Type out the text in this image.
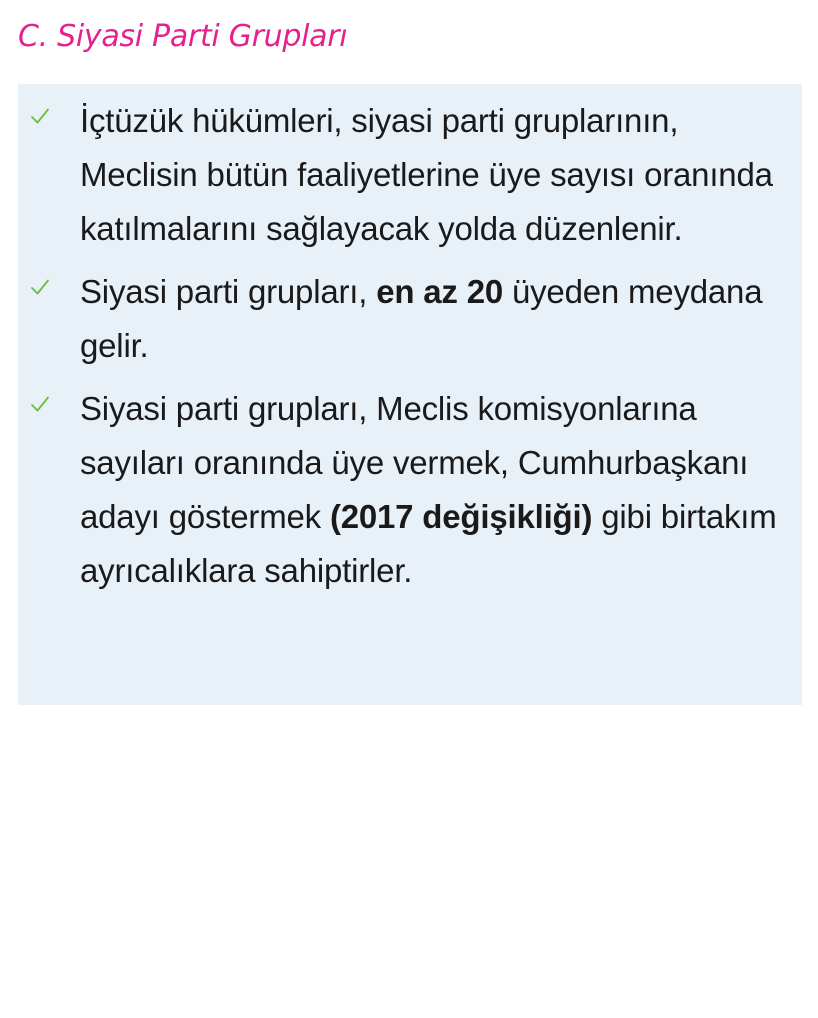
C. Siyasi Parti Grupları

İçtüzük hükümleri, siyasi parti gruplarının, Meclisin bütün faaliyetlerine üye sayısı oranında katılmalarını sağlayacak yolda düzenlenir.

Siyasi parti grupları, en az 20 üyeden meydana gelir.

Siyasi parti grupları, Meclis komisyonlarına sayıları oranında üye vermek, Cumhurbaşkanı adayı göstermek (2017 değişikliği) gibi birtakım ayrıcalıklara sahiptirler.
